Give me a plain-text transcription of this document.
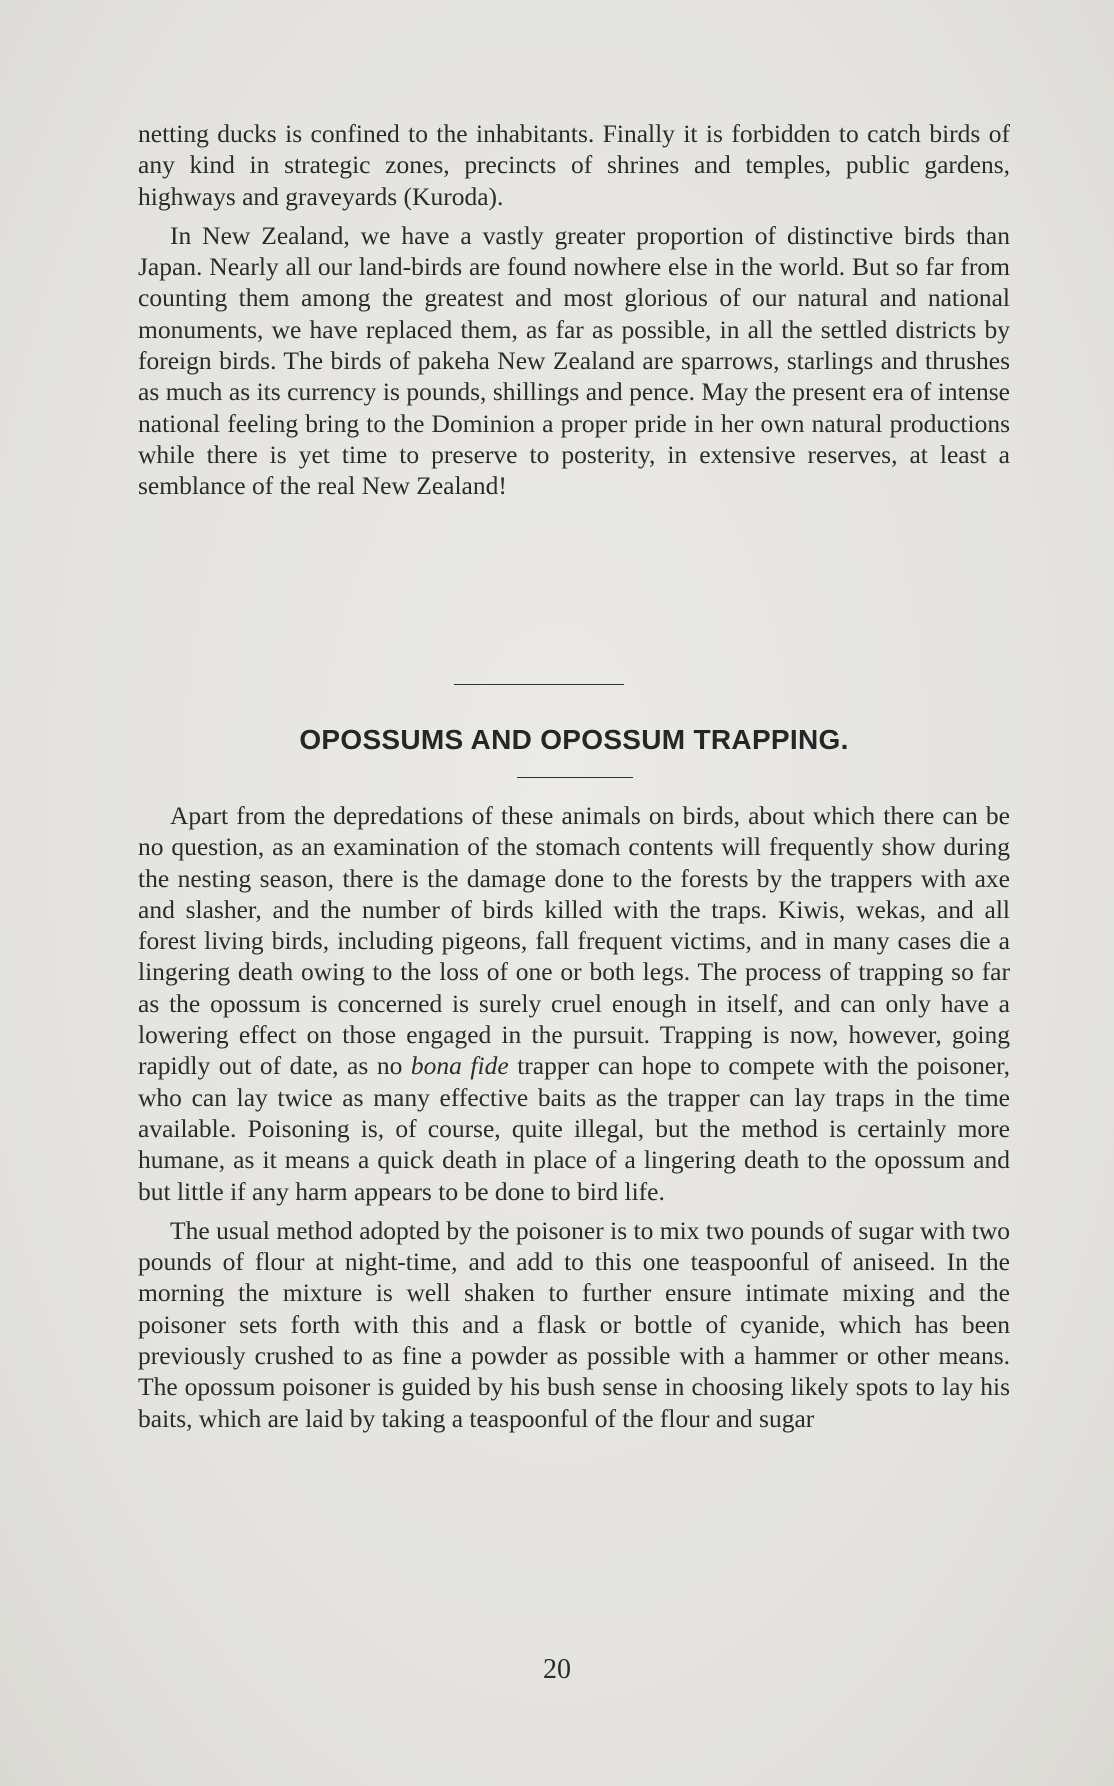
netting ducks is confined to the inhabitants. Finally it is forbidden to catch birds of any kind in strategic zones, precincts of shrines and temples, public gardens, highways and graveyards (Kuroda).

In New Zealand, we have a vastly greater proportion of distinctive birds than Japan. Nearly all our land-birds are found nowhere else in the world. But so far from counting them among the greatest and most glorious of our natural and national monuments, we have replaced them, as far as possible, in all the settled districts by foreign birds. The birds of pakeha New Zealand are sparrows, starlings and thrushes as much as its currency is pounds, shillings and pence. May the present era of intense national feeling bring to the Dominion a proper pride in her own natural productions while there is yet time to preserve to posterity, in extensive reserves, at least a semblance of the real New Zealand!

OPOSSUMS AND OPOSSUM TRAPPING.

Apart from the depredations of these animals on birds, about which there can be no question, as an examination of the stomach contents will frequently show during the nesting season, there is the damage done to the forests by the trappers with axe and slasher, and the number of birds killed with the traps. Kiwis, wekas, and all forest living birds, including pigeons, fall frequent victims, and in many cases die a lingering death owing to the loss of one or both legs. The process of trapping so far as the opossum is concerned is surely cruel enough in itself, and can only have a lowering effect on those engaged in the pursuit. Trapping is now, however, going rapidly out of date, as no bona fide trapper can hope to compete with the poisoner, who can lay twice as many effective baits as the trapper can lay traps in the time available. Poisoning is, of course, quite illegal, but the method is certainly more humane, as it means a quick death in place of a lingering death to the opossum and but little if any harm appears to be done to bird life.

The usual method adopted by the poisoner is to mix two pounds of sugar with two pounds of flour at night-time, and add to this one teaspoonful of aniseed. In the morning the mixture is well shaken to further ensure intimate mixing and the poisoner sets forth with this and a flask or bottle of cyanide, which has been previously crushed to as fine a powder as possible with a hammer or other means. The opossum poisoner is guided by his bush sense in choosing likely spots to lay his baits, which are laid by taking a teaspoonful of the flour and sugar

20
